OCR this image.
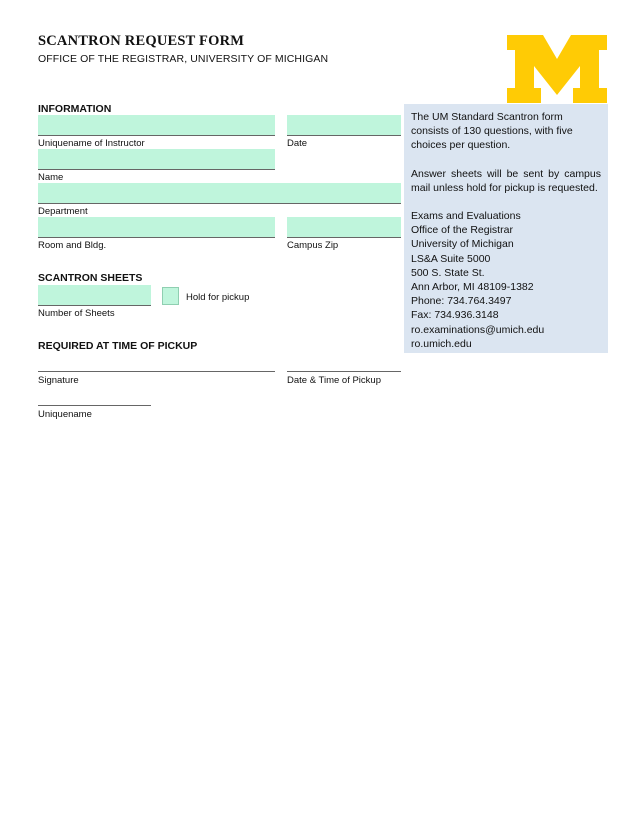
SCANTRON REQUEST FORM
OFFICE OF THE REGISTRAR, UNIVERSITY OF MICHIGAN
INFORMATION
Uniquename of Instructor	Date
Name
Department
Room and Bldg.	Campus Zip
SCANTRON SHEETS
Number of Sheets
Hold for pickup
REQUIRED AT TIME OF PICKUP
Signature	Date & Time of Pickup
Uniquename

The UM Standard Scantron form consists of 130 questions, with five choices per question.

Answer sheets will be sent by campus mail unless hold for pickup is requested.

Exams and Evaluations

Office of the Registrar

University of Michigan

LS&A Suite 5000

500 S. State St.

Ann Arbor, MI 48109-1382

Phone: 734.764.3497

Fax: 734.936.3148

ro.examinations@umich.edu

ro.umich.edu
